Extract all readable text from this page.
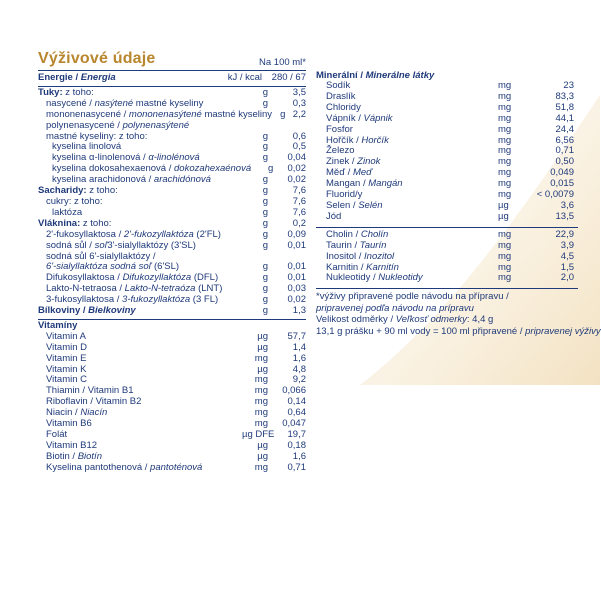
Výživové údaje	Na 100 ml*
Energie / Energia	kJ / kcal	280 / 67
Tuky: z toho:	g	3,5
nasycené / nasýtené mastné kyseliny	g	0,3
mononenasycené / mononenasýtené mastné kyseliny g 2,2
polynenasycené / polynenasýtené
mastné kyseliny: z toho:	g	0,6
kyselina linolová	g	0,5
kyselina α-linolenová / α-linolénová	g	0,04
kyselina dokosahexaenová / dokozahexaénová	g	0,02
kyselina arachidonová / arachidónová	g	0,02
Sacharidy: z toho:	g	7,6
cukry: z toho:	g	7,6
laktóza	g	7,6
Vláknina: z toho:	g	0,2
2'-fukosyllaktosa / 2'-fukozyllaktóza (2'FL)	g	0,09
sodná sůl / soľ3'-sialyllaktózy (3'SL)	g	0,01
sodná sůl 6'-sialyllaktózy /
6'-sialyllaktóza sodná soľ (6'SL)	g	0,01
Difukosyllaktosa / Difukozyllaktóza (DFL)	g	0,01
Lakto-N-tetraosa / Lakto-N-tetraóza (LNT)	g	0,03
3-fukosyllaktosa / 3-fukozyllaktóza (3 FL)	g	0,02
Bílkoviny / Bielkoviny	g	1,3
Vitamíny
Vitamin A	µg	57,7
Vitamin D	µg	1,4
Vitamin E	mg	1,6
Vitamin K	µg	4,8
Vitamin C	mg	9,2
Thiamin / Vitamin B1	mg	0,066
Riboflavin / Vitamin B2	mg	0,14
Niacin / Niacín	mg	0,64
Vitamin B6	mg	0,047
Folát	µg DFE	19,7
Vitamin B12	µg	0,18
Biotin / Biotín	µg	1,6
Kyselina pantothenová / pantoténová	mg	0,71
Minerální / Minerálne látky
Sodík	mg	23
Draslík	mg	83,3
Chloridy	mg	51,8
Vápník / Vápnik	mg	44,1
Fosfor	mg	24,4
Hořčík / Horčík	mg	6,56
Železo	mg	0,71
Zinek / Zinok	mg	0,50
Měď / Meď	mg	0,049
Mangan / Mangán	mg	0,015
Fluorid/y	mg	< 0,0079
Selen / Selén	µg	3,6
Jód	µg	13,5
Cholin / Cholín	mg	22,9
Taurin / Taurín	mg	3,9
Inositol / Inozitol	mg	4,5
Karnitin / Karnitín	mg	1,5
Nukleotidy / Nukleotidy	mg	2,0
*výživy připravené podle návodu na přípravu /
pripravenej podľa návodu na prípravu
Velikost odměrky / Veľkosť odmerky: 4,4 g
13,1 g prášku + 90 ml vody = 100 ml připravené / pripravenej výživy
